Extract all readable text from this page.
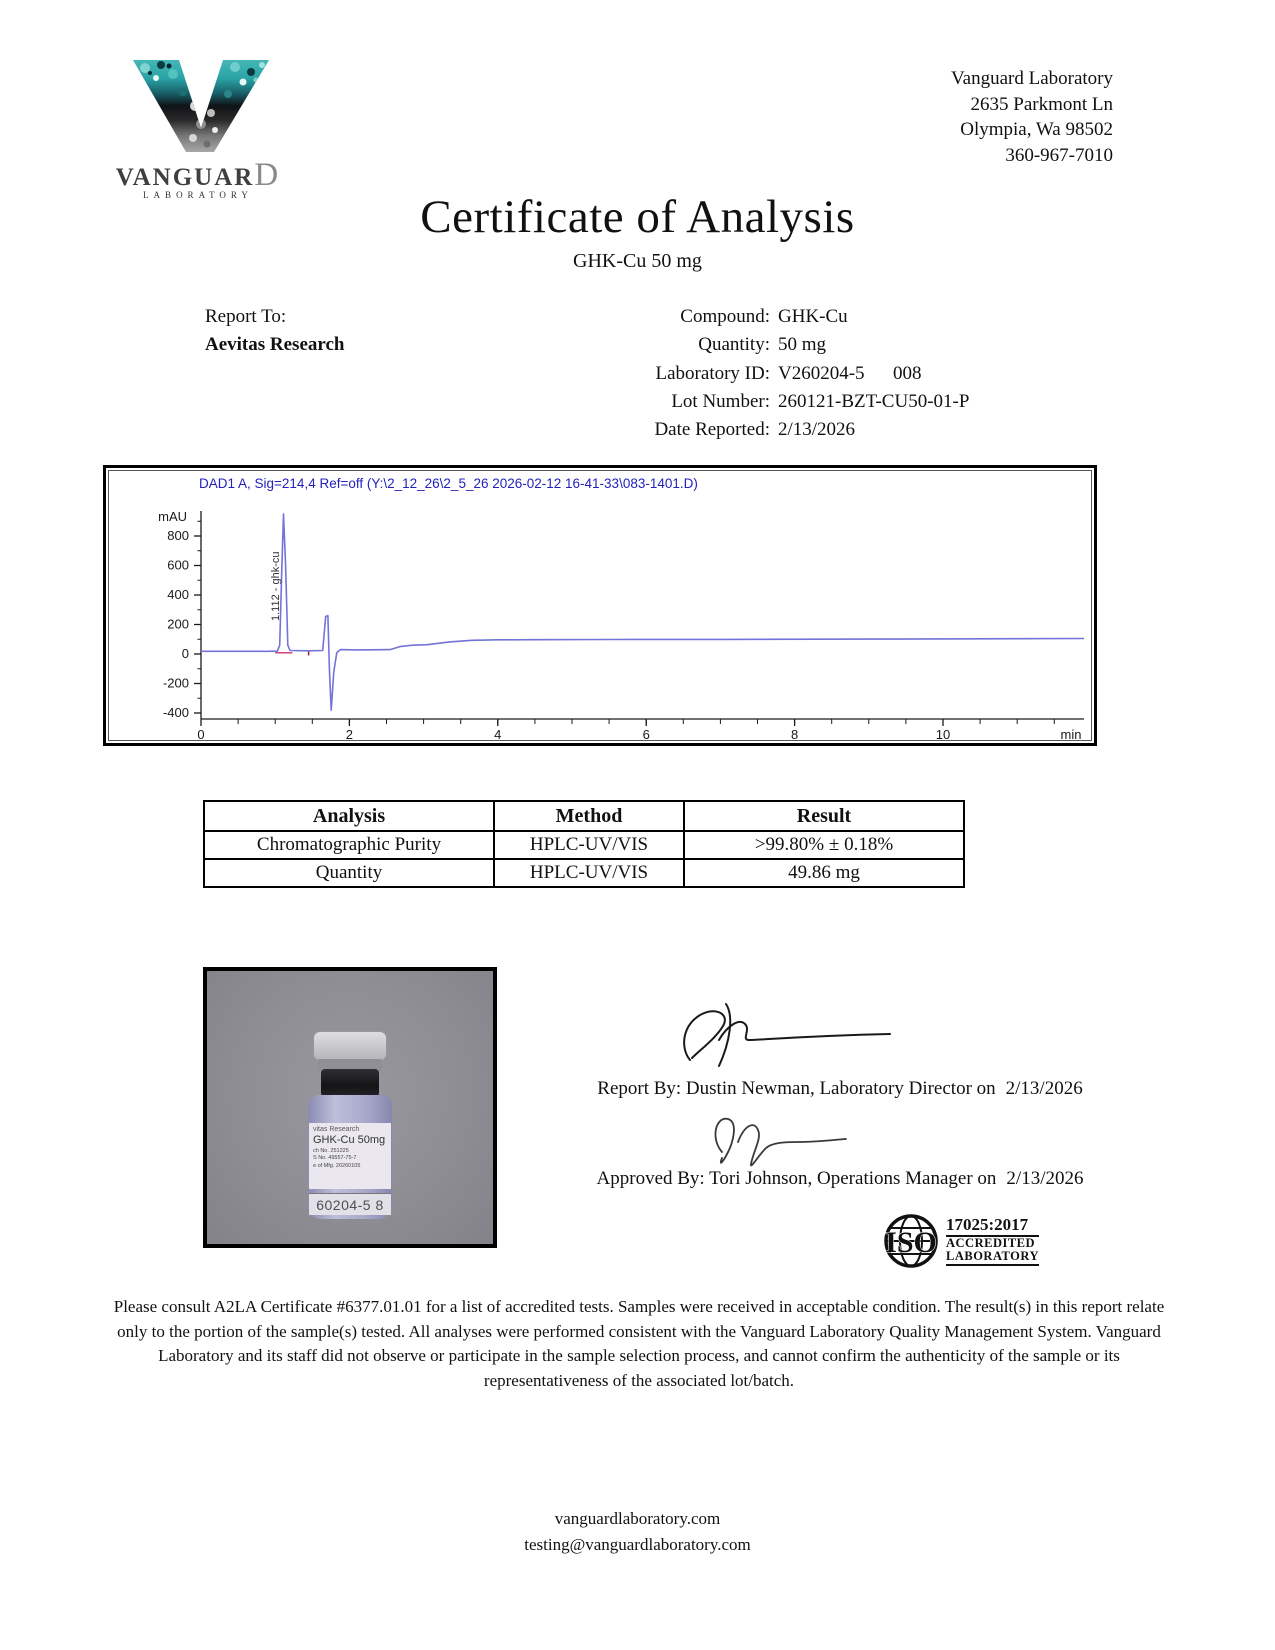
VANGUARD
LABORATORY
Vanguard Laboratory
2635 Parkmont Ln
Olympia, Wa 98502
360-967-7010
Certificate of Analysis
GHK-Cu 50 mg
Report To:
Aevitas Research
Compound: GHK-Cu
Quantity: 50 mg
Laboratory ID: V260204-5      008
Lot Number: 260121-BZT-CU50-01-P
Date Reported: 2/13/2026
DAD1 A, Sig=214,4 Ref=off (Y:\2_12_26\2_5_26 2026-02-12 16-41-33\083-1401.D)
800
600
400
200
0
-200
-400
0	2	4	6	8	10
mAU
min
1.112 - ghk-cu
Analysis	Method	Result
Chromatographic Purity	HPLC-UV/VIS	>99.80% ± 0.18%
Quantity	HPLC-UV/VIS	49.86 mg
vitas Research
GHK-Cu 50mg
ch No. 251225
S No. 49557-75-7
e of Mfg. 20260105
60204-5 8
Report By: Dustin Newman, Laboratory Director on 2/13/2026
Approved By: Tori Johnson, Operations Manager on 2/13/2026
ISO
17025:2017
ACCREDITED
LABORATORY
Please consult A2LA Certificate #6377.01.01 for a list of accredited tests. Samples were received in acceptable condition. The result(s) in this report relate only to the portion of the sample(s) tested. All analyses were performed consistent with the Vanguard Laboratory Quality Management System. Vanguard Laboratory and its staff did not observe or participate in the sample selection process, and cannot confirm the authenticity of the sample or its representativeness of the associated lot/batch.
vanguardlaboratory.com
testing@vanguardlaboratory.com
